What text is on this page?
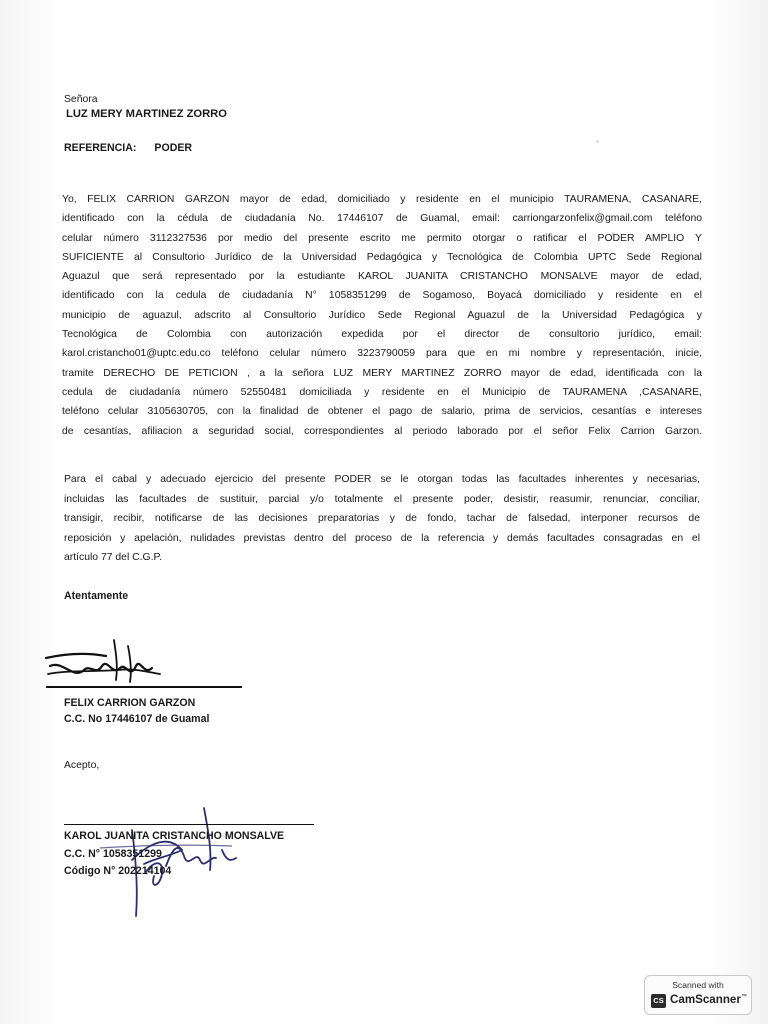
Señora
LUZ MERY MARTINEZ ZORRO
REFERENCIA: PODER
Yo, FELIX CARRION GARZON mayor de edad, domiciliado y residente en el municipio TAURAMENA, CASANARE,
identificado con la cédula de ciudadanía No. 17446107 de Guamal, email: carriongarzonfelix@gmail.com teléfono
celular número 3112327536 por medio del presente escrito me permito otorgar o ratificar el PODER AMPLIO Y
SUFICIENTE al Consultorio Jurídico de la Universidad Pedagógica y Tecnológica de Colombia UPTC Sede Regional
Aguazul que será representado por la estudiante KAROL JUANITA CRISTANCHO MONSALVE mayor de edad,
identificado con la cedula de ciudadanía N° 1058351299 de Sogamoso, Boyacá domiciliado y residente en el
municipio de aguazul, adscrito al Consultorio Jurídico Sede Regional Aguazul de la Universidad Pedagógica y
Tecnológica de Colombia con autorización expedida por el director de consultorio jurídico, email:
karol.cristancho01@uptc.edu.co teléfono celular número 3223790059 para que en mi nombre y representación, inicie,
tramite DERECHO DE PETICION , a la señora LUZ MERY MARTINEZ ZORRO mayor de edad, identificada con la
cedula de ciudadanía número 52550481 domiciliada y residente en el Municipio de TAURAMENA ,CASANARE,
teléfono celular 3105630705, con la finalidad de obtener el pago de salario, prima de servicios, cesantías e intereses
de cesantías, afiliacion a seguridad social, correspondientes al periodo laborado por el señor Felix Carrion Garzon.
Para el cabal y adecuado ejercicio del presente PODER se le otorgan todas las facultades inherentes y necesarias,
incluidas las facultades de sustituir, parcial y/o totalmente el presente poder, desistir, reasumir, renunciar, conciliar,
transigir, recibir, notificarse de las decisiones preparatorias y de fondo, tachar de falsedad, interponer recursos de
reposición y apelación, nulidades previstas dentro del proceso de la referencia y demás facultades consagradas en el
artículo 77 del C.G.P.
Atentamente
FELIX CARRION GARZON
C.C. No 17446107 de Guamal
Acepto,
KAROL JUANITA CRISTANCHO MONSALVE
C.C. N° 1058351299
Código N° 202214104
Scanned with
CS CamScanner™
